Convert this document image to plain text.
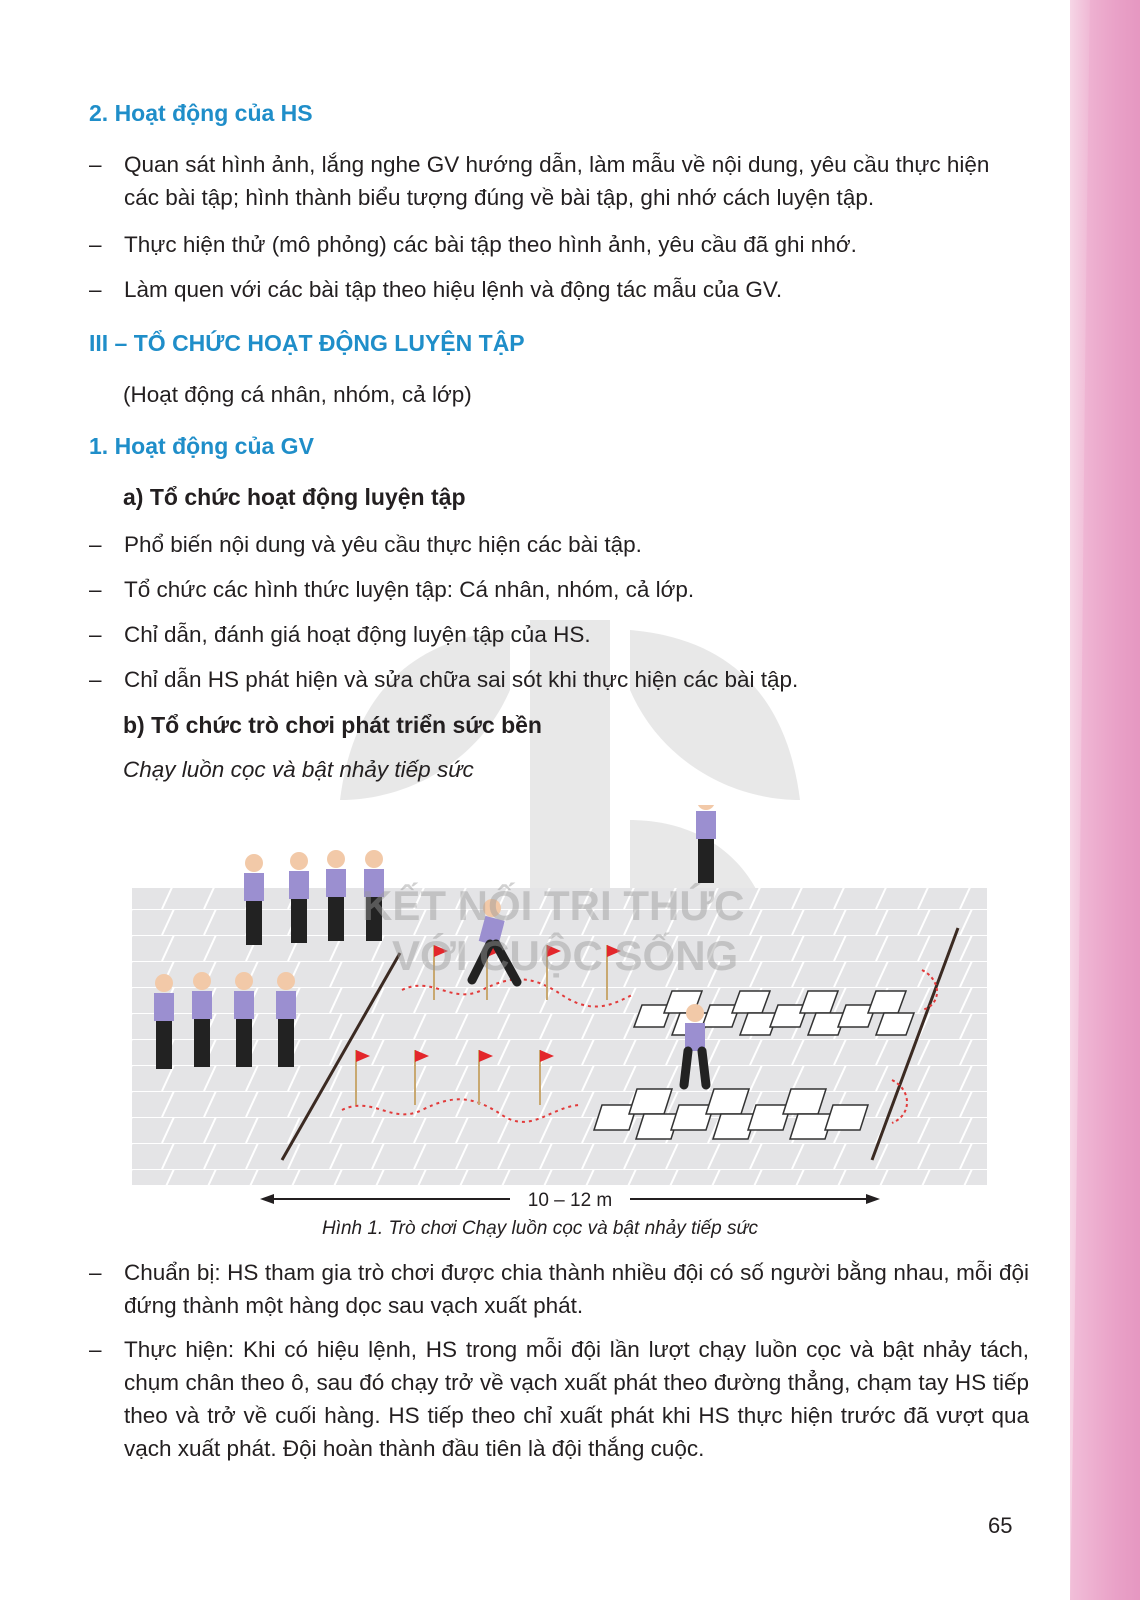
2. Hoạt động của HS
– Quan sát hình ảnh, lắng nghe GV hướng dẫn, làm mẫu về nội dung, yêu cầu thực hiện các bài tập; hình thành biểu tượng đúng về bài tập, ghi nhớ cách luyện tập.
– Thực hiện thử (mô phỏng) các bài tập theo hình ảnh, yêu cầu đã ghi nhớ.
– Làm quen với các bài tập theo hiệu lệnh và động tác mẫu của GV.
III – TỔ CHỨC HOẠT ĐỘNG LUYỆN TẬP
(Hoạt động cá nhân, nhóm, cả lớp)
1. Hoạt động của GV
a) Tổ chức hoạt động luyện tập
– Phổ biến nội dung và yêu cầu thực hiện các bài tập.
– Tổ chức các hình thức luyện tập: Cá nhân, nhóm, cả lớp.
– Chỉ dẫn, đánh giá hoạt động luyện tập của HS.
– Chỉ dẫn HS phát hiện và sửa chữa sai sót khi thực hiện các bài tập.
b) Tổ chức trò chơi phát triển sức bền
Chạy luồn cọc và bật nhảy tiếp sức
KẾT NỐI TRI THỨC
VỚI CUỘC SỐNG
10 – 12 m
Hình 1. Trò chơi Chạy luồn cọc và bật nhảy tiếp sức
– Chuẩn bị: HS tham gia trò chơi được chia thành nhiều đội có số người bằng nhau, mỗi đội đứng thành một hàng dọc sau vạch xuất phát.
– Thực hiện: Khi có hiệu lệnh, HS trong mỗi đội lần lượt chạy luồn cọc và bật nhảy tách, chụm chân theo ô, sau đó chạy trở về vạch xuất phát theo đường thẳng, chạm tay HS tiếp theo và trở về cuối hàng. HS tiếp theo chỉ xuất phát khi HS thực hiện trước đã vượt qua vạch xuất phát. Đội hoàn thành đầu tiên là đội thắng cuộc.
65
